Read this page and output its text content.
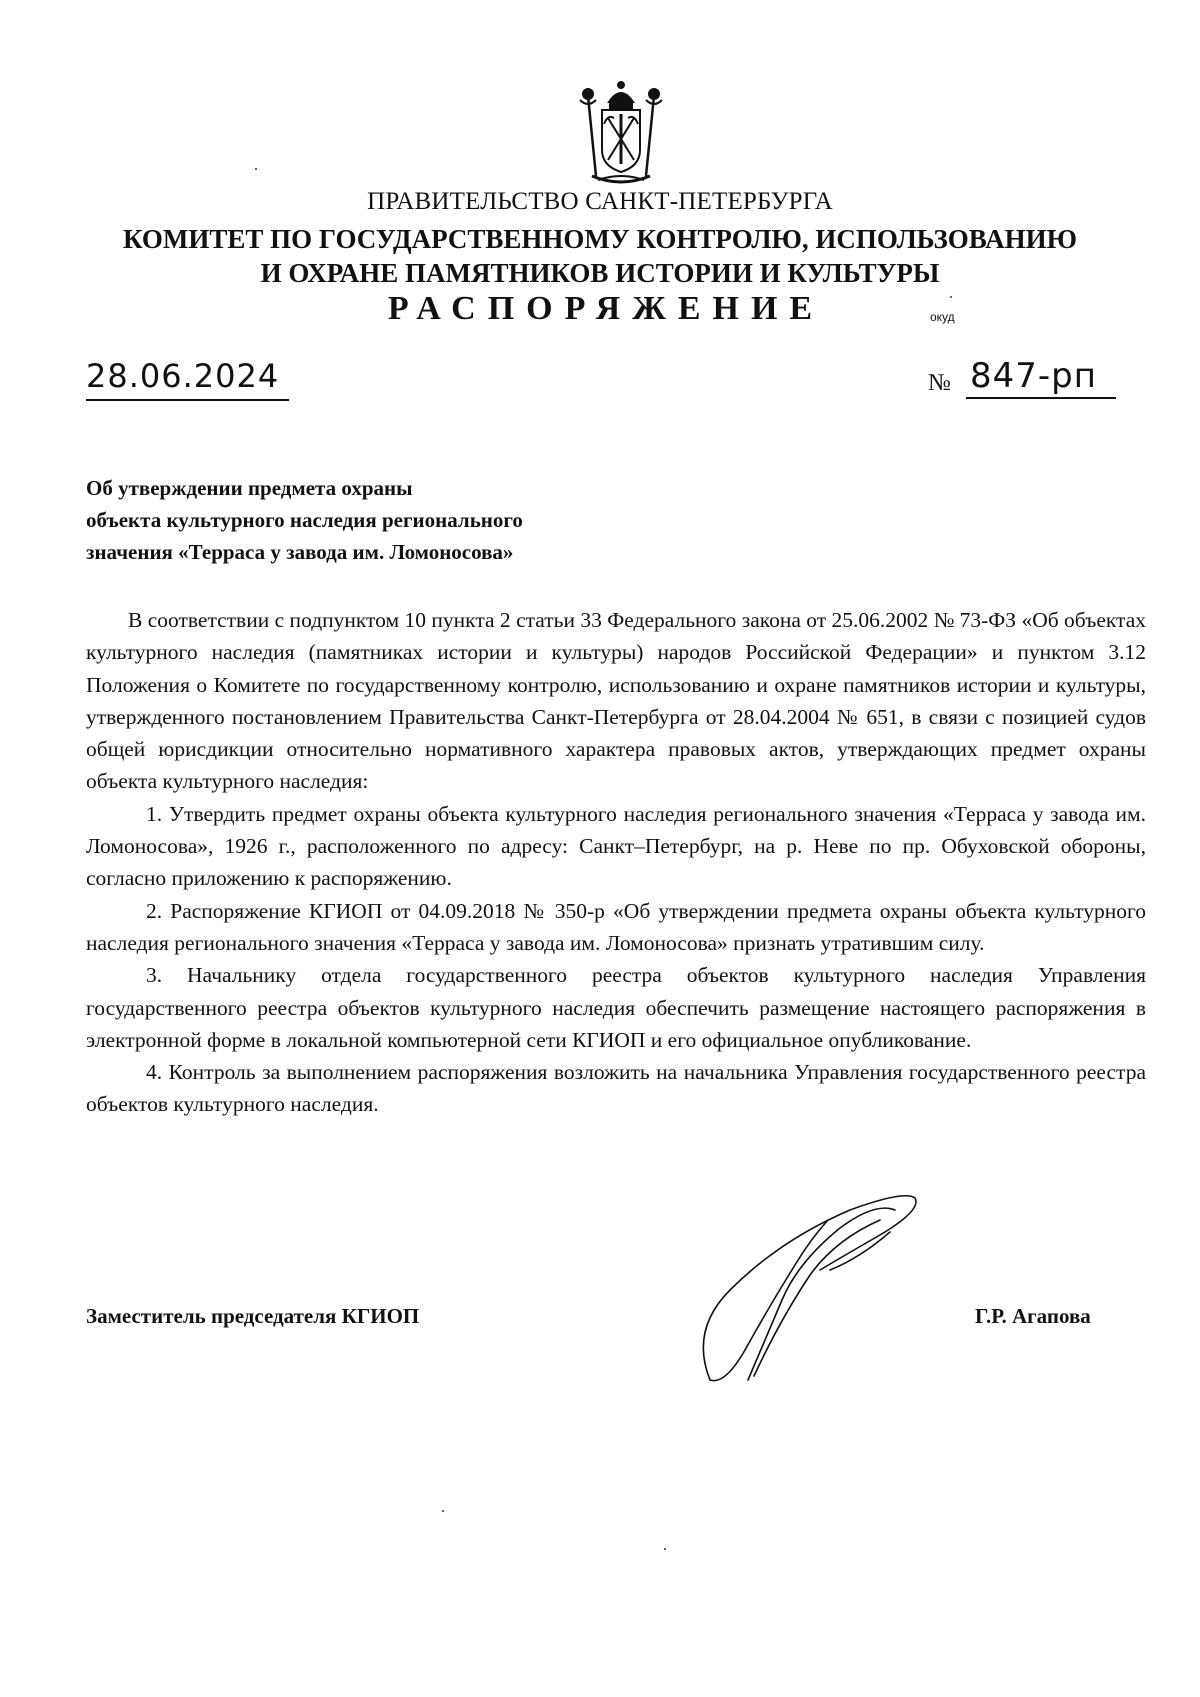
ПРАВИТЕЛЬСТВО САНКТ-ПЕТЕРБУРГА
КОМИТЕТ ПО ГОСУДАРСТВЕННОМУ КОНТРОЛЮ, ИСПОЛЬЗОВАНИЮ
И ОХРАНЕ ПАМЯТНИКОВ ИСТОРИИ И КУЛЬТУРЫ
РАСПОРЯЖЕНИЕ	окуд
28.06.2024	№ 847-рп
Об утверждении предмета охраны
объекта культурного наследия регионального
значения «Терраса у завода им. Ломоносова»

В соответствии с подпунктом 10 пункта 2 статьи 33 Федерального закона от 25.06.2002 № 73-ФЗ «Об объектах культурного наследия (памятниках истории и культуры) народов Российской Федерации» и пунктом 3.12 Положения о Комитете по государственному контролю, использованию и охране памятников истории и культуры, утвержденного постановлением Правительства Санкт-Петербурга от 28.04.2004 № 651, в связи с позицией судов общей юрисдикции относительно нормативного характера правовых актов, утверждающих предмет охраны объекта культурного наследия:

1. Утвердить предмет охраны объекта культурного наследия регионального значения «Терраса у завода им. Ломоносова», 1926 г., расположенного по адресу: Санкт–Петербург, на р. Неве по пр. Обуховской обороны, согласно приложению к распоряжению.

2. Распоряжение КГИОП от 04.09.2018 № 350-р «Об утверждении предмета охраны объекта культурного наследия регионального значения «Терраса у завода им. Ломоносова» признать утратившим силу.

3. Начальнику отдела государственного реестра объектов культурного наследия Управления государственного реестра объектов культурного наследия обеспечить размещение настоящего распоряжения в электронной форме в локальной компьютерной сети КГИОП и его официальное опубликование.

4. Контроль за выполнением распоряжения возложить на начальника Управления государственного реестра объектов культурного наследия.

Заместитель председателя КГИОП	Г.Р. Агапова
